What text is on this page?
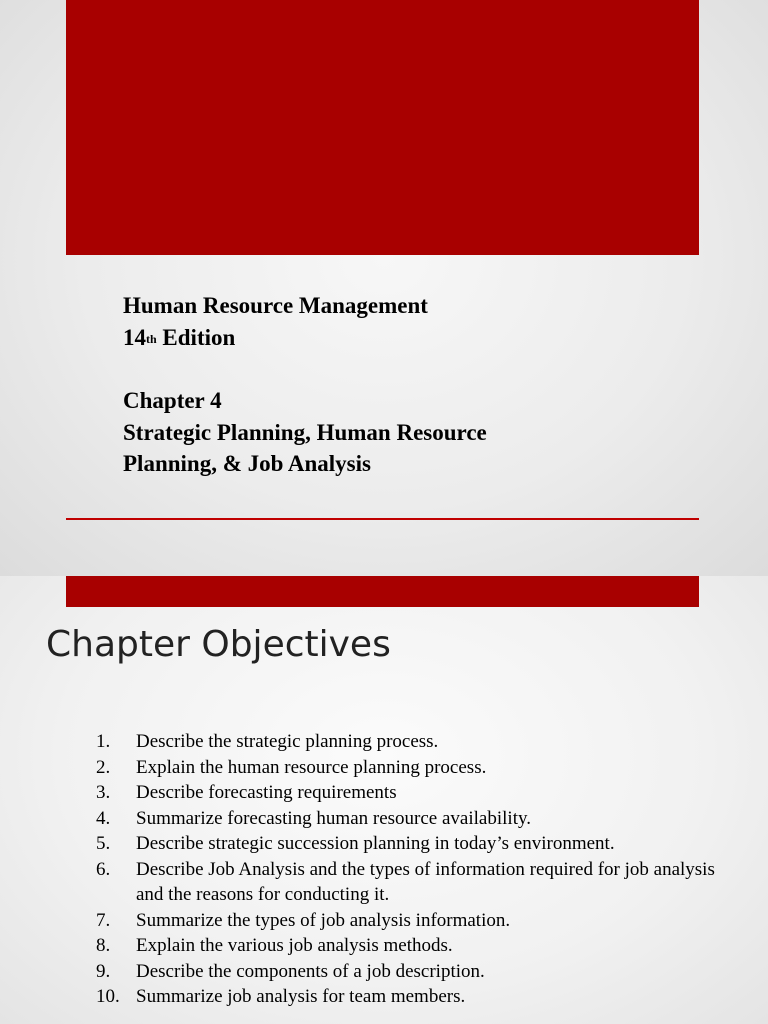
Human Resource Management
14th Edition
Chapter 4
Strategic Planning, Human Resource
Planning, & Job Analysis
Chapter Objectives
1.	Describe the strategic planning process.
2.	Explain the human resource planning process.
3.	Describe forecasting requirements
4.	Summarize forecasting human resource availability.
5.	Describe strategic succession planning in today’s environment.
6.	Describe Job Analysis and the types of information required for job analysis and the reasons for conducting it.
7.	Summarize the types of job analysis information.
8.	Explain the various job analysis methods.
9.	Describe the components of a job description.
10. Summarize job analysis for team members.
